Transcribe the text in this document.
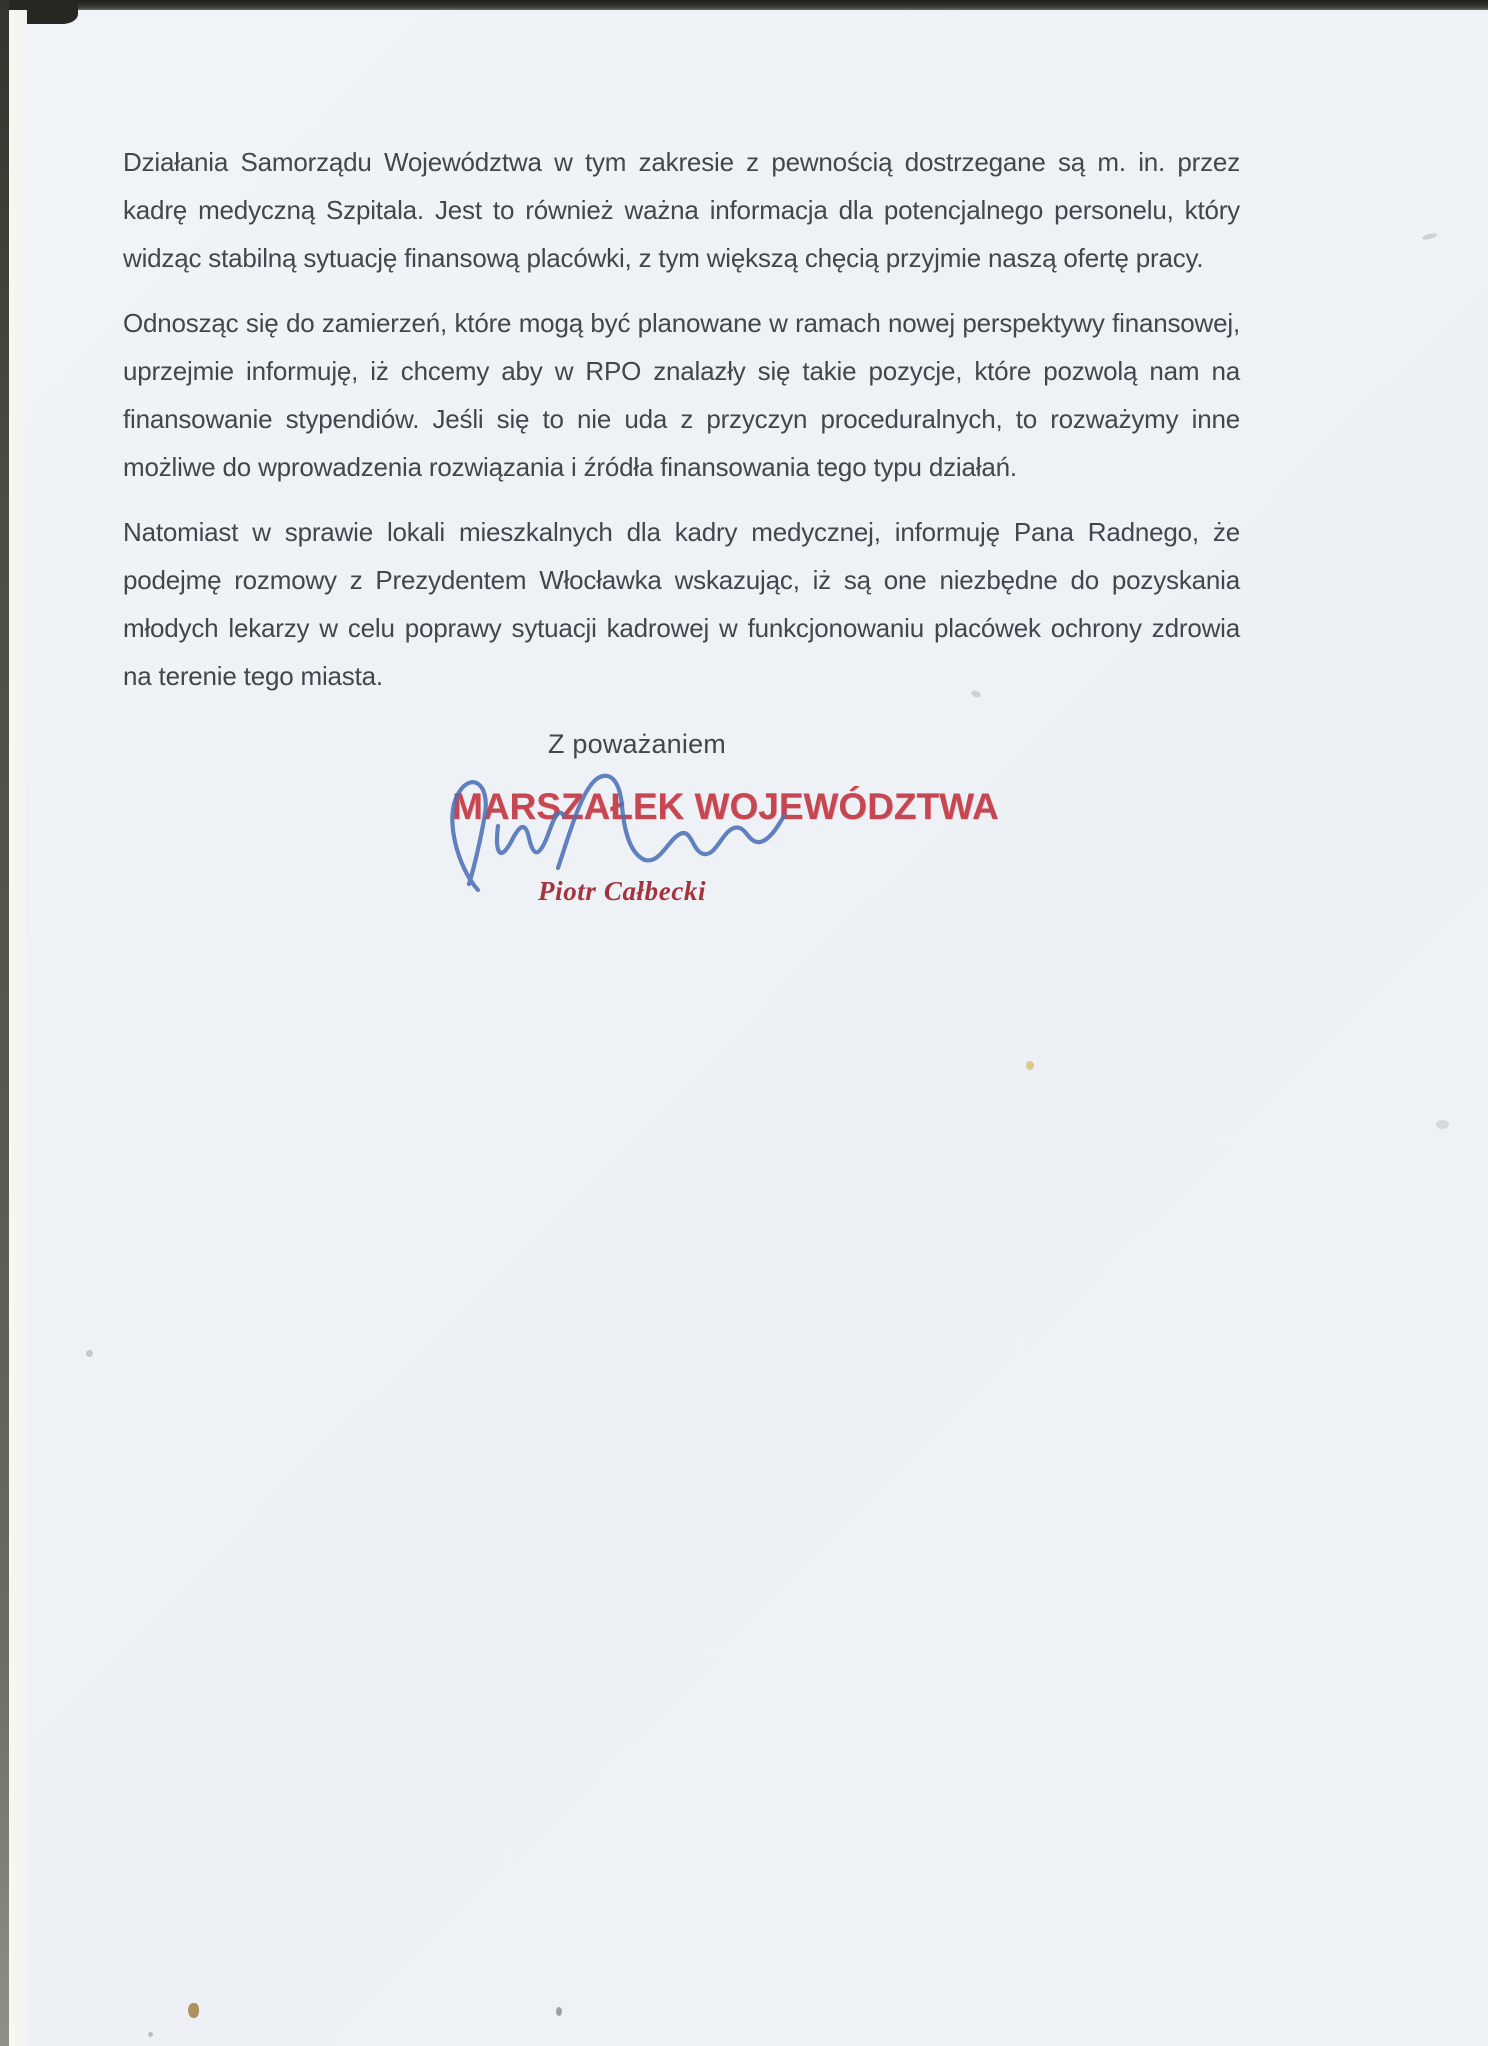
Działania Samorządu Województwa w tym zakresie z pewnością dostrzegane są m. in. przez kadrę medyczną Szpitala. Jest to również ważna informacja dla potencjalnego personelu, który widząc stabilną sytuację finansową placówki, z tym większą chęcią przyjmie naszą ofertę pracy.

Odnosząc się do zamierzeń, które mogą być planowane w ramach nowej perspektywy finansowej, uprzejmie informuję, iż chcemy aby w RPO znalazły się takie pozycje, które pozwolą nam na finansowanie stypendiów. Jeśli się to nie uda z przyczyn proceduralnych, to rozważymy inne możliwe do wprowadzenia rozwiązania i źródła finansowania tego typu działań.

Natomiast w sprawie lokali mieszkalnych dla kadry medycznej, informuję Pana Radnego, że podejmę rozmowy z Prezydentem Włocławka wskazując, iż są one niezbędne do pozyskania młodych lekarzy w celu poprawy sytuacji kadrowej w funkcjonowaniu placówek ochrony zdrowia na terenie tego miasta.

Z poważaniem
MARSZAŁEK WOJEWÓDZTWA
Piotr Całbecki
